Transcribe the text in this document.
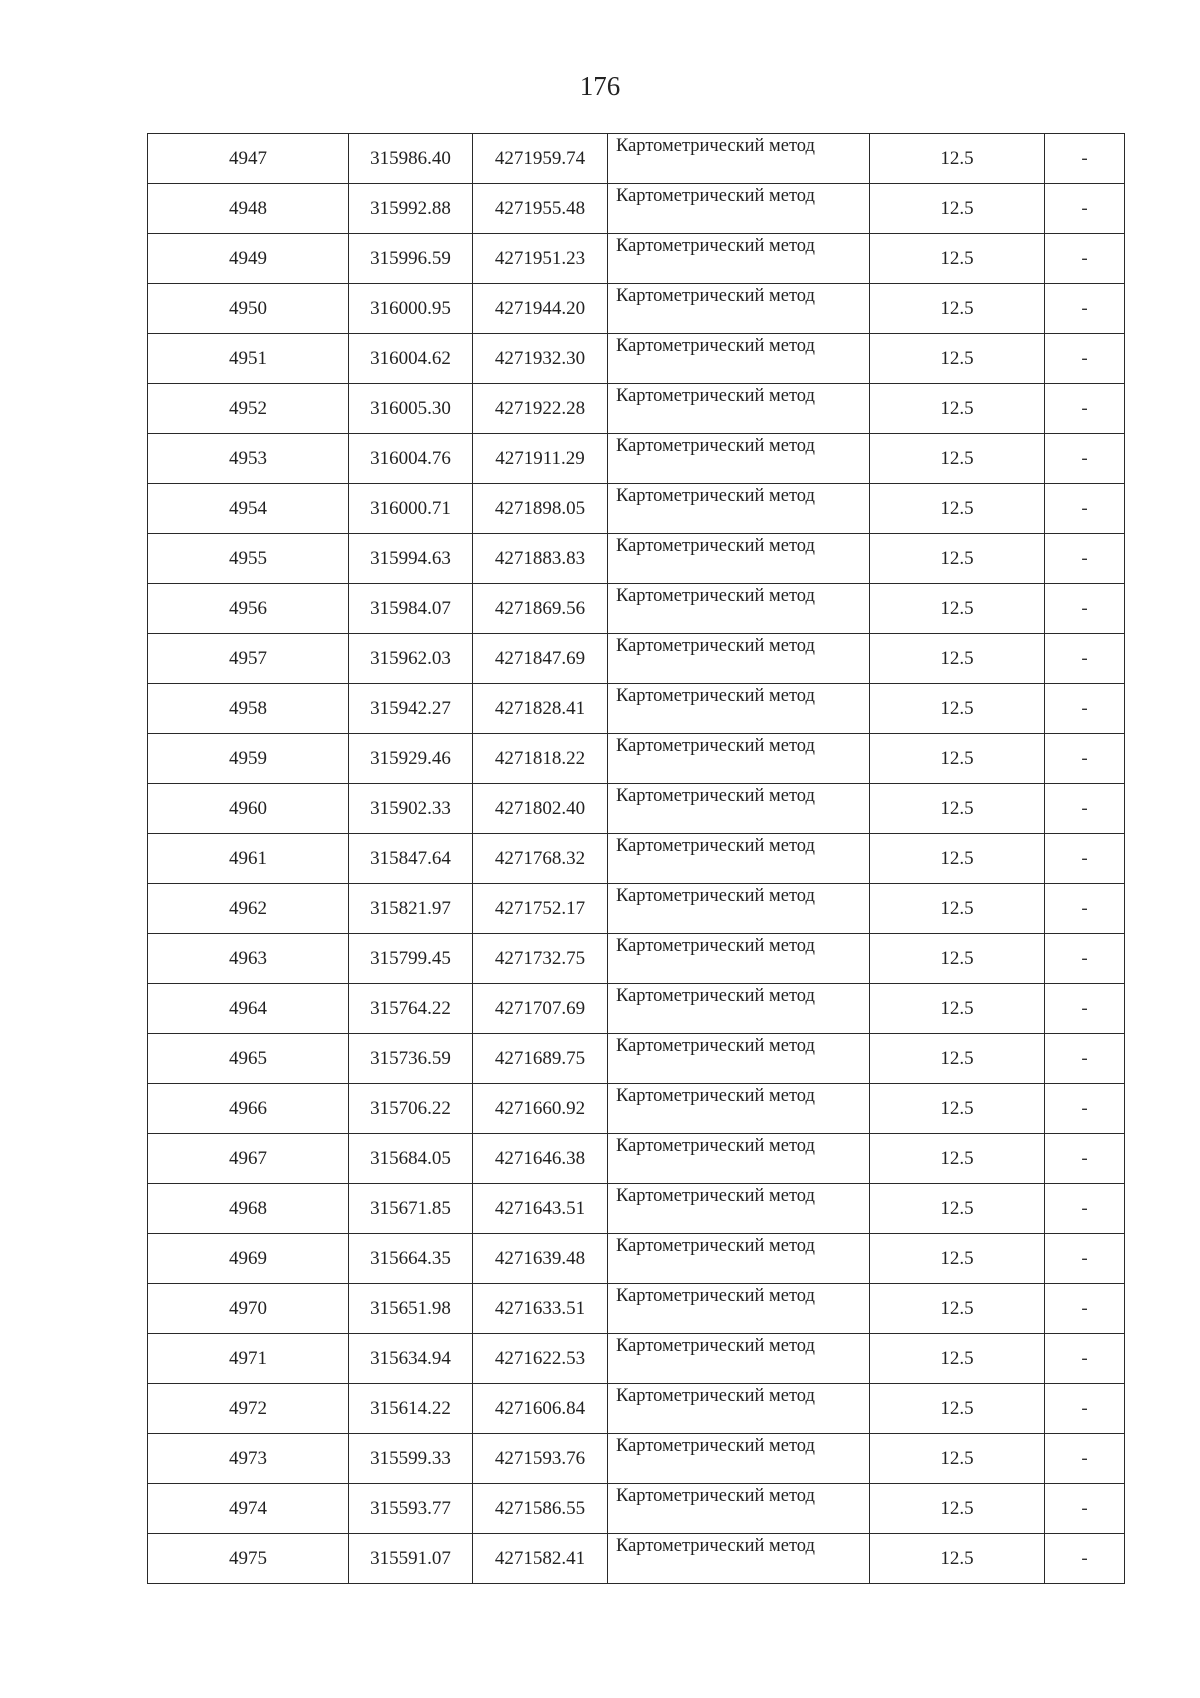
176
4947	315986.40	4271959.74	Картометрический метод	12.5	-
4948	315992.88	4271955.48	Картометрический метод	12.5	-
4949	315996.59	4271951.23	Картометрический метод	12.5	-
4950	316000.95	4271944.20	Картометрический метод	12.5	-
4951	316004.62	4271932.30	Картометрический метод	12.5	-
4952	316005.30	4271922.28	Картометрический метод	12.5	-
4953	316004.76	4271911.29	Картометрический метод	12.5	-
4954	316000.71	4271898.05	Картометрический метод	12.5	-
4955	315994.63	4271883.83	Картометрический метод	12.5	-
4956	315984.07	4271869.56	Картометрический метод	12.5	-
4957	315962.03	4271847.69	Картометрический метод	12.5	-
4958	315942.27	4271828.41	Картометрический метод	12.5	-
4959	315929.46	4271818.22	Картометрический метод	12.5	-
4960	315902.33	4271802.40	Картометрический метод	12.5	-
4961	315847.64	4271768.32	Картометрический метод	12.5	-
4962	315821.97	4271752.17	Картометрический метод	12.5	-
4963	315799.45	4271732.75	Картометрический метод	12.5	-
4964	315764.22	4271707.69	Картометрический метод	12.5	-
4965	315736.59	4271689.75	Картометрический метод	12.5	-
4966	315706.22	4271660.92	Картометрический метод	12.5	-
4967	315684.05	4271646.38	Картометрический метод	12.5	-
4968	315671.85	4271643.51	Картометрический метод	12.5	-
4969	315664.35	4271639.48	Картометрический метод	12.5	-
4970	315651.98	4271633.51	Картометрический метод	12.5	-
4971	315634.94	4271622.53	Картометрический метод	12.5	-
4972	315614.22	4271606.84	Картометрический метод	12.5	-
4973	315599.33	4271593.76	Картометрический метод	12.5	-
4974	315593.77	4271586.55	Картометрический метод	12.5	-
4975	315591.07	4271582.41	Картометрический метод	12.5	-
